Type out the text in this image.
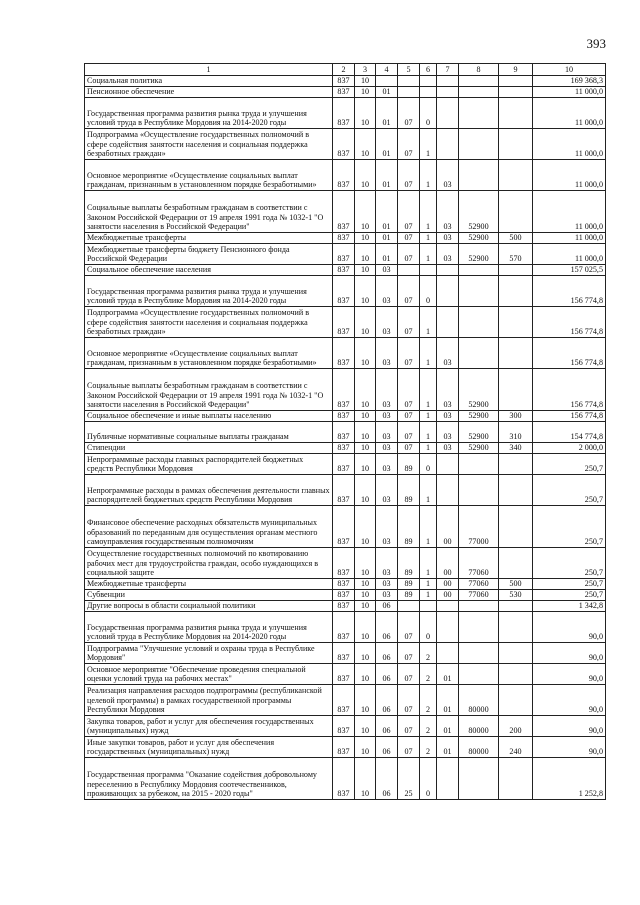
393
1	2	3	4	5	6	7	8	9	10
Социальная политика	837	10							169 368,3
Пенсионное обеспечение	837	10	01						11 000,0
Государственная программа развития рынка труда и улучшения условий труда в Республике Мордовия на 2014-2020 годы	837	10	01	07	0				11 000,0
Подпрограмма «Осуществление государственных полномочий в сфере содействия занятости населения и социальная поддержка безработных граждан»	837	10	01	07	1				11 000,0
Основное мероприятие «Осуществление социальных выплат гражданам, признанным в установленном порядке безработными»	837	10	01	07	1	03			11 000,0
Социальные выплаты безработным гражданам в соответствии с Законом Российской Федерации от 19 апреля 1991 года № 1032-1 "О занятости населения в Российской Федерации"	837	10	01	07	1	03	52900		11 000,0
Межбюджетные трансферты	837	10	01	07	1	03	52900	500	11 000,0
Межбюджетные трансферты бюджету Пенсионного фонда Российской Федерации	837	10	01	07	1	03	52900	570	11 000,0
Социальное обеспечение населения	837	10	03						157 025,5
Государственная программа развития рынка труда и улучшения условий труда в Республике Мордовия на 2014-2020 годы	837	10	03	07	0				156 774,8
Подпрограмма «Осуществление государственных полномочий в сфере содействия занятости населения и социальная поддержка безработных граждан»	837	10	03	07	1				156 774,8
Основное мероприятие «Осуществление социальных выплат гражданам, признанным в установленном порядке безработными»	837	10	03	07	1	03			156 774,8
Социальные выплаты безработным гражданам в соответствии с Законом Российской Федерации от 19 апреля 1991 года № 1032-1 "О занятости населения в Российской Федерации"	837	10	03	07	1	03	52900		156 774,8
Социальное обеспечение и иные выплаты населению	837	10	03	07	1	03	52900	300	156 774,8
Публичные нормативные социальные выплаты гражданам	837	10	03	07	1	03	52900	310	154 774,8
Стипендии	837	10	03	07	1	03	52900	340	2 000,0
Непрограммные расходы главных распорядителей бюджетных средств Республики Мордовия	837	10	03	89	0				250,7
Непрограммные расходы в рамках обеспечения деятельности главных распорядителей бюджетных средств Республики Мордовия	837	10	03	89	1				250,7
Финансовое обеспечение расходных обязательств муниципальных образований по переданным для осуществления органам местного самоуправления государственным полномочиям	837	10	03	89	1	00	77000		250,7
Осуществление государственных полномочий по квотированию рабочих мест для трудоустройства граждан, особо нуждающихся в социальной защите	837	10	03	89	1	00	77060		250,7
Межбюджетные трансферты	837	10	03	89	1	00	77060	500	250,7
Субвенции	837	10	03	89	1	00	77060	530	250,7
Другие вопросы в области социальной политики	837	10	06						1 342,8
Государственная программа развития рынка труда и улучшения условий труда в Республике Мордовия на 2014-2020 годы	837	10	06	07	0				90,0
Подпрограмма "Улучшение условий и охраны труда в Республике Мордовия"	837	10	06	07	2				90,0
Основное мероприятие "Обеспечение проведения специальной оценки условий труда на рабочих местах"	837	10	06	07	2	01			90,0
Реализация направления расходов подпрограммы (республиканской целевой программы) в рамках государственной программы Республики Мордовия	837	10	06	07	2	01	80000		90,0
Закупка товаров, работ и услуг для обеспечения государственных (муниципальных) нужд	837	10	06	07	2	01	80000	200	90,0
Иные закупки товаров, работ и услуг для обеспечения государственных (муниципальных) нужд	837	10	06	07	2	01	80000	240	90,0
Государственная программа "Оказание содействия добровольному переселению в Республику Мордовия соотечественников, проживающих за рубежом, на 2015 - 2020 годы"	837	10	06	25	0				1 252,8
